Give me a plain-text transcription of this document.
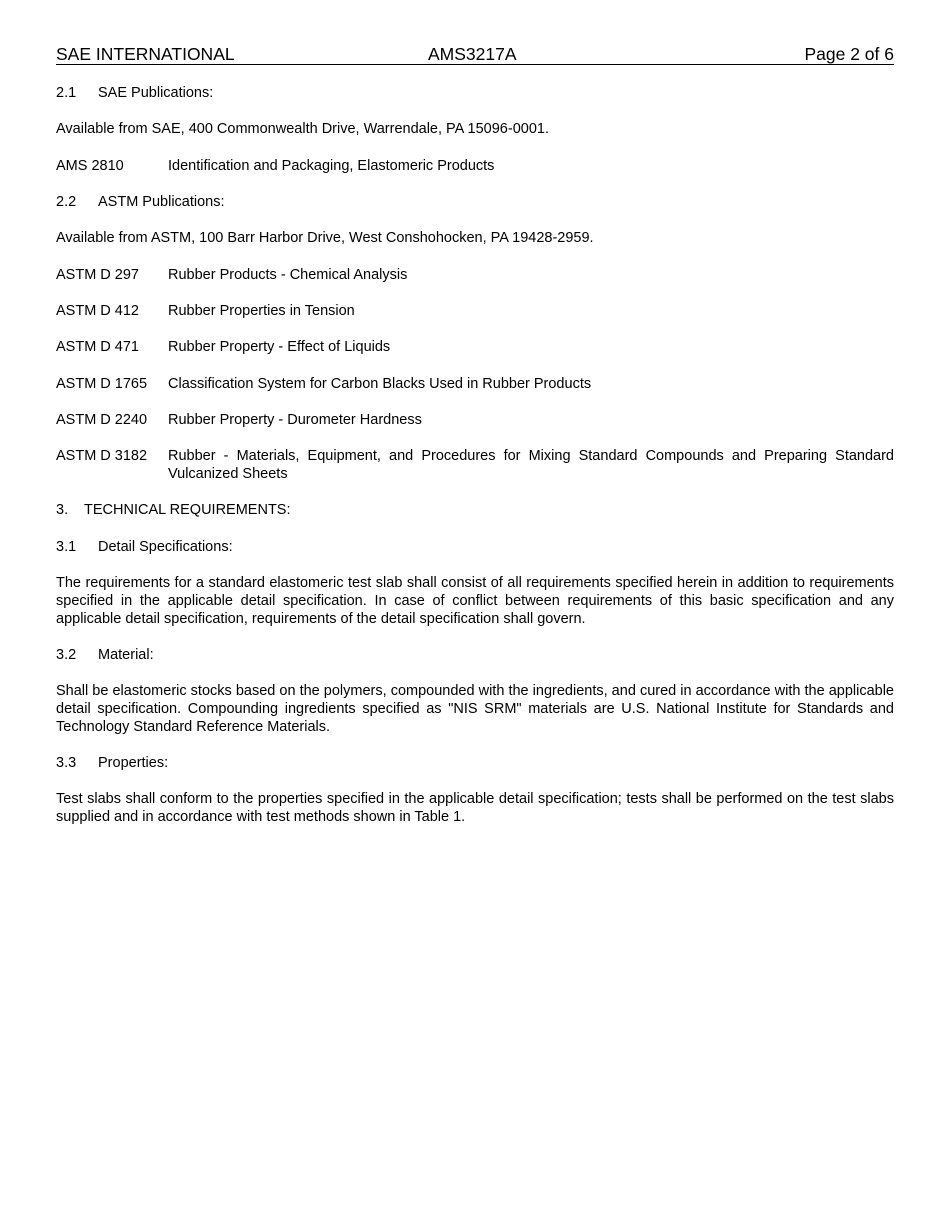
SAE INTERNATIONAL	AMS3217A	Page 2 of 6
2.1 SAE Publications:
Available from SAE, 400 Commonwealth Drive, Warrendale, PA 15096-0001.
AMS 2810	Identification and Packaging, Elastomeric Products
2.2 ASTM Publications:
Available from ASTM, 100 Barr Harbor Drive, West Conshohocken, PA 19428-2959.
ASTM D 297 Rubber Products - Chemical Analysis
ASTM D 412 Rubber Properties in Tension
ASTM D 471 Rubber Property - Effect of Liquids
ASTM D 1765 Classification System for Carbon Blacks Used in Rubber Products
ASTM D 2240 Rubber Property - Durometer Hardness
ASTM D 3182 Rubber - Materials, Equipment, and Procedures for Mixing Standard Compounds and Preparing Standard Vulcanized Sheets
3. TECHNICAL REQUIREMENTS:
3.1 Detail Specifications:
The requirements for a standard elastomeric test slab shall consist of all requirements specified herein in addition to requirements specified in the applicable detail specification. In case of conflict between requirements of this basic specification and any applicable detail specification, requirements of the detail specification shall govern.
3.2 Material:
Shall be elastomeric stocks based on the polymers, compounded with the ingredients, and cured in accordance with the applicable detail specification. Compounding ingredients specified as "NIS SRM" materials are U.S. National Institute for Standards and Technology Standard Reference Materials.
3.3 Properties:
Test slabs shall conform to the properties specified in the applicable detail specification; tests shall be performed on the test slabs supplied and in accordance with test methods shown in Table 1.
